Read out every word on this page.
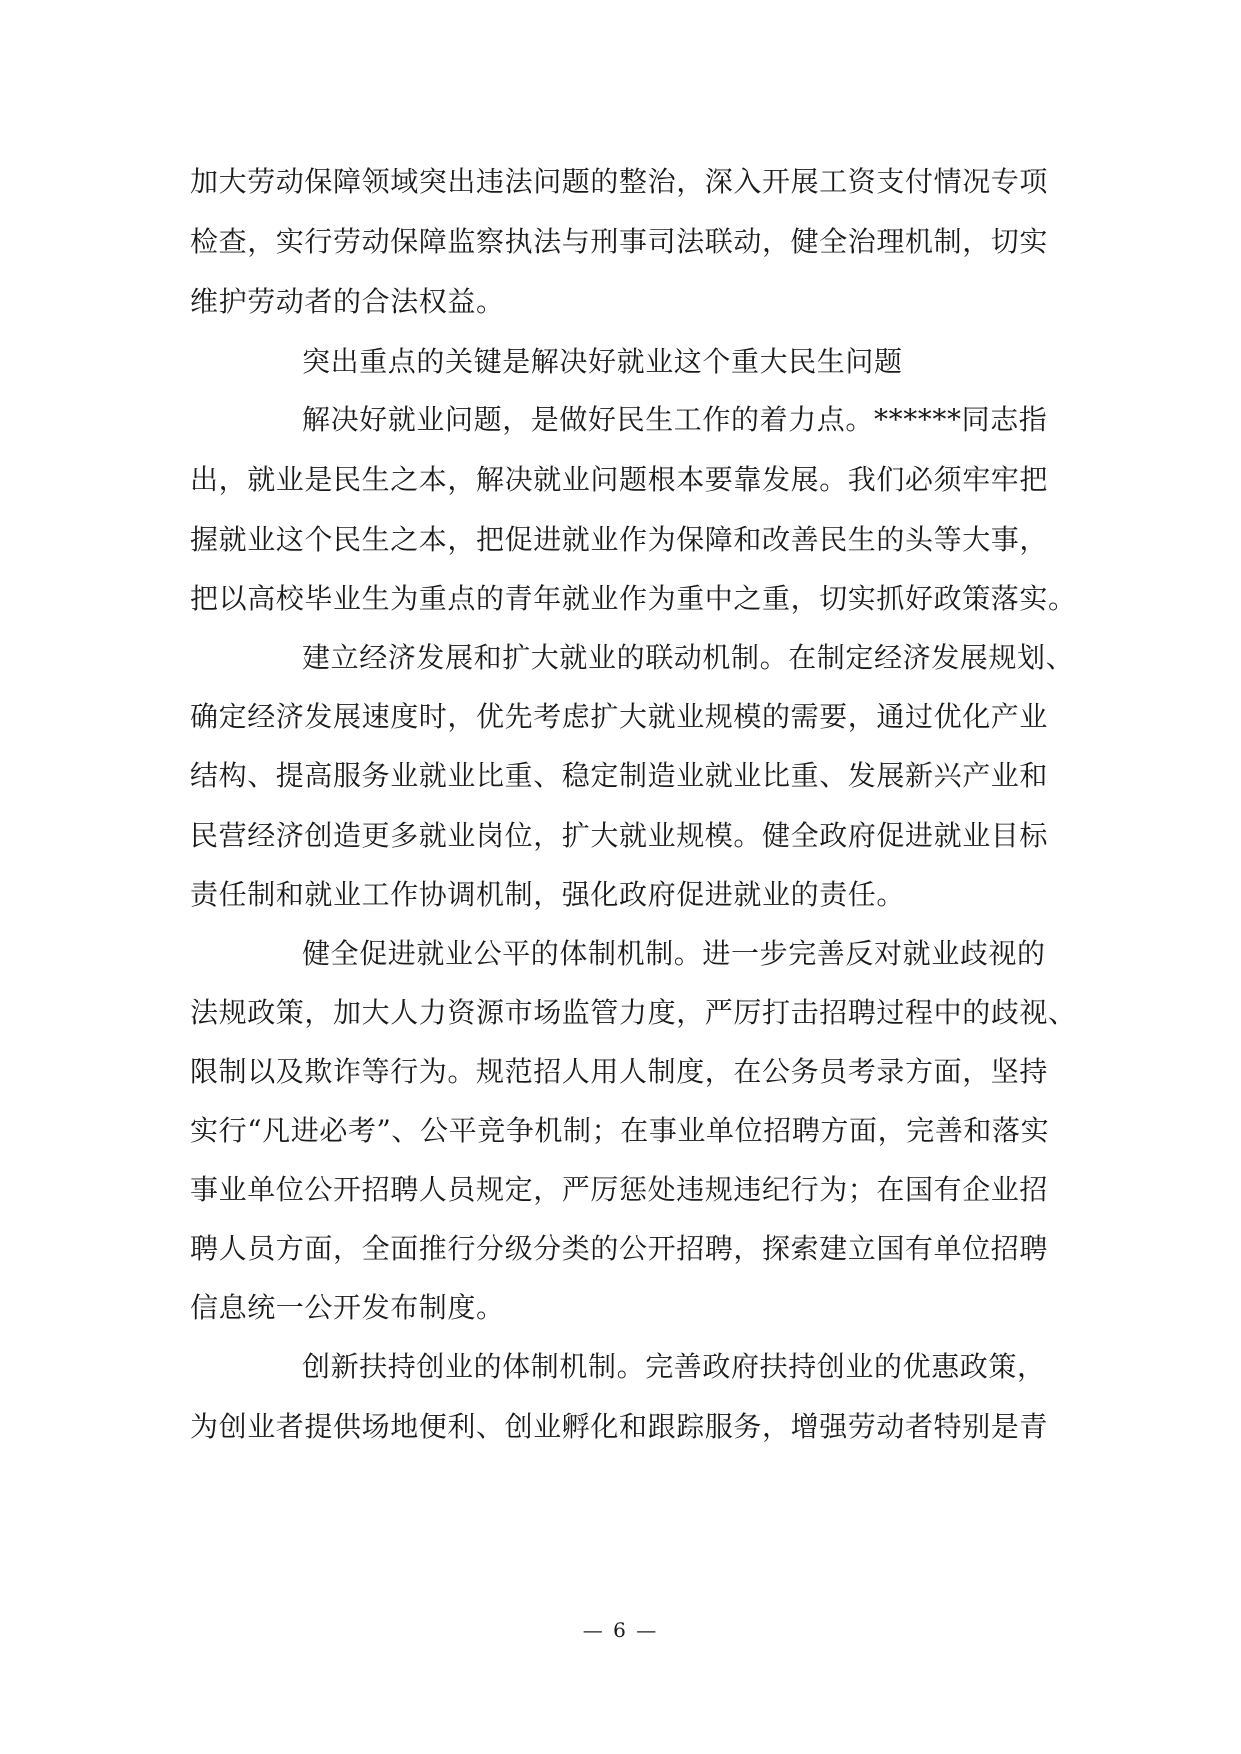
加大劳动保障领域突出违法问题的整治，深入开展工资支付情况专项
检查，实行劳动保障监察执法与刑事司法联动，健全治理机制，切实
维护劳动者的合法权益。
突出重点的关键是解决好就业这个重大民生问题
解决好就业问题，是做好民生工作的着力点。******同志指
出，就业是民生之本，解决就业问题根本要靠发展。我们必须牢牢把
握就业这个民生之本，把促进就业作为保障和改善民生的头等大事，
把以高校毕业生为重点的青年就业作为重中之重，切实抓好政策落实。
建立经济发展和扩大就业的联动机制。在制定经济发展规划、
确定经济发展速度时，优先考虑扩大就业规模的需要，通过优化产业
结构、提高服务业就业比重、稳定制造业就业比重、发展新兴产业和
民营经济创造更多就业岗位，扩大就业规模。健全政府促进就业目标
责任制和就业工作协调机制，强化政府促进就业的责任。
健全促进就业公平的体制机制。进一步完善反对就业歧视的
法规政策，加大人力资源市场监管力度，严厉打击招聘过程中的歧视、
限制以及欺诈等行为。规范招人用人制度，在公务员考录方面，坚持
实行“凡进必考”、公平竞争机制；在事业单位招聘方面，完善和落实
事业单位公开招聘人员规定，严厉惩处违规违纪行为；在国有企业招
聘人员方面，全面推行分级分类的公开招聘，探索建立国有单位招聘
信息统一公开发布制度。
创新扶持创业的体制机制。完善政府扶持创业的优惠政策，
为创业者提供场地便利、创业孵化和跟踪服务，增强劳动者特别是青
— 6 —
